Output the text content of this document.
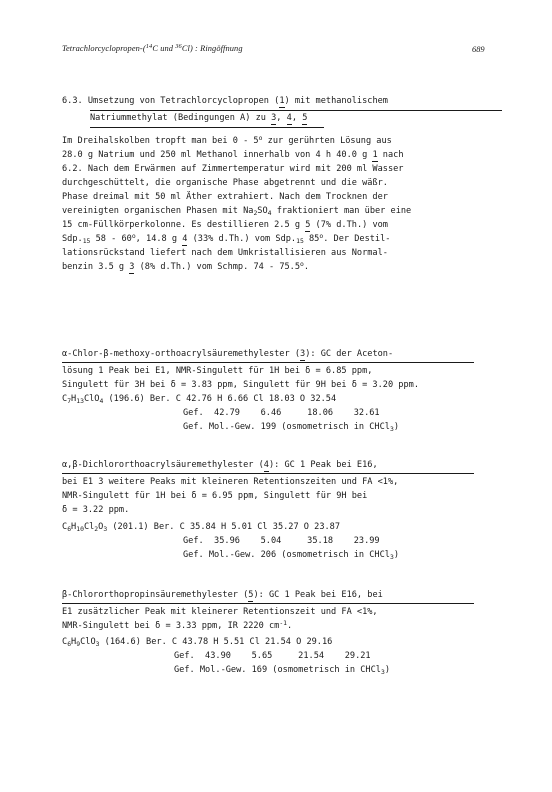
Tetrachlorcyclopropen-($^{14}$C und $^{36}$Cl) : Ringöffnung	689
6.3. Umsetzung von Tetrachlorcyclopropen (1) mit methanolischem
Natriummethylat (Bedingungen A) zu 3, 4, 5
Im Dreihalskolben tropft man bei 0 - 5$^o$ zur gerührten Lösung aus
28.0 g Natrium und 250 ml Methanol innerhalb von 4 h 40.0 g 1 nach
6.2. Nach dem Erwärmen auf Zimmertemperatur wird mit 200 ml Wasser
durchgeschüttelt, die organische Phase abgetrennt und die wäßr.
Phase dreimal mit 50 ml Äther extrahiert. Nach dem Trocknen der
vereinigten organischen Phasen mit $Na_2SO_4$ fraktioniert man über eine
15 cm-Füllkörperkolonne. Es destillieren 2.5 g 5 (7% d.Th.) vom
$Sdp._{15}$ 58 - 60$^o$, 14.8 g 4 (33% d.Th.) vom $Sdp._{15}$ 85$^o$. Der Destil-
lationsrückstand liefert nach dem Umkristallisieren aus Normal-
benzin 3.5 g 3 (8% d.Th.) vom Schmp. 74 - 75.5$^o$.
α-Chlor-β-methoxy-orthoacrylsäuremethylester (3): GC der Aceton-
lösung 1 Peak bei E1, NMR-Singulett für 1H bei δ = 6.85 ppm,
Singulett für 3H bei δ = 3.83 ppm, Singulett für 9H bei δ = 3.20 ppm.
$C_7H_{13}ClO_4$ (196.6) Ber. C 42.76 H 6.66 Cl 18.03 O 32.54
Gef.  42.79    6.46     18.06    32.61
Gef. Mol.-Gew. 199 (osmometrisch in CHCl$_3$)
α,β-Dichlororthoacrylsäuremethylester (4): GC 1 Peak bei E16,
bei E1 3 weitere Peaks mit kleineren Retentionszeiten und FA <1%,
NMR-Singulett für 1H bei δ = 6.95 ppm, Singulett für 9H bei
δ = 3.22 ppm.
$C_6H_{10}Cl_2O_3$ (201.1) Ber. C 35.84 H 5.01 Cl 35.27 O 23.87
Gef.  35.96    5.04     35.18    23.99
Gef. Mol.-Gew. 206 (osmometrisch in CHCl$_3$)
β-Chlororthopropinsäuremethylester (5): GC 1 Peak bei E16, bei
E1 zusätzlicher Peak mit kleinerer Retentionszeit und FA <1%,
NMR-Singulett bei δ = 3.33 ppm, IR 2220 $cm^{-1}$.
$C_6H_9ClO_3$ (164.6) Ber. C 43.78 H 5.51 Cl 21.54 O 29.16
Gef.  43.90    5.65     21.54    29.21
Gef. Mol.-Gew. 169 (osmometrisch in CHCl$_3$)
